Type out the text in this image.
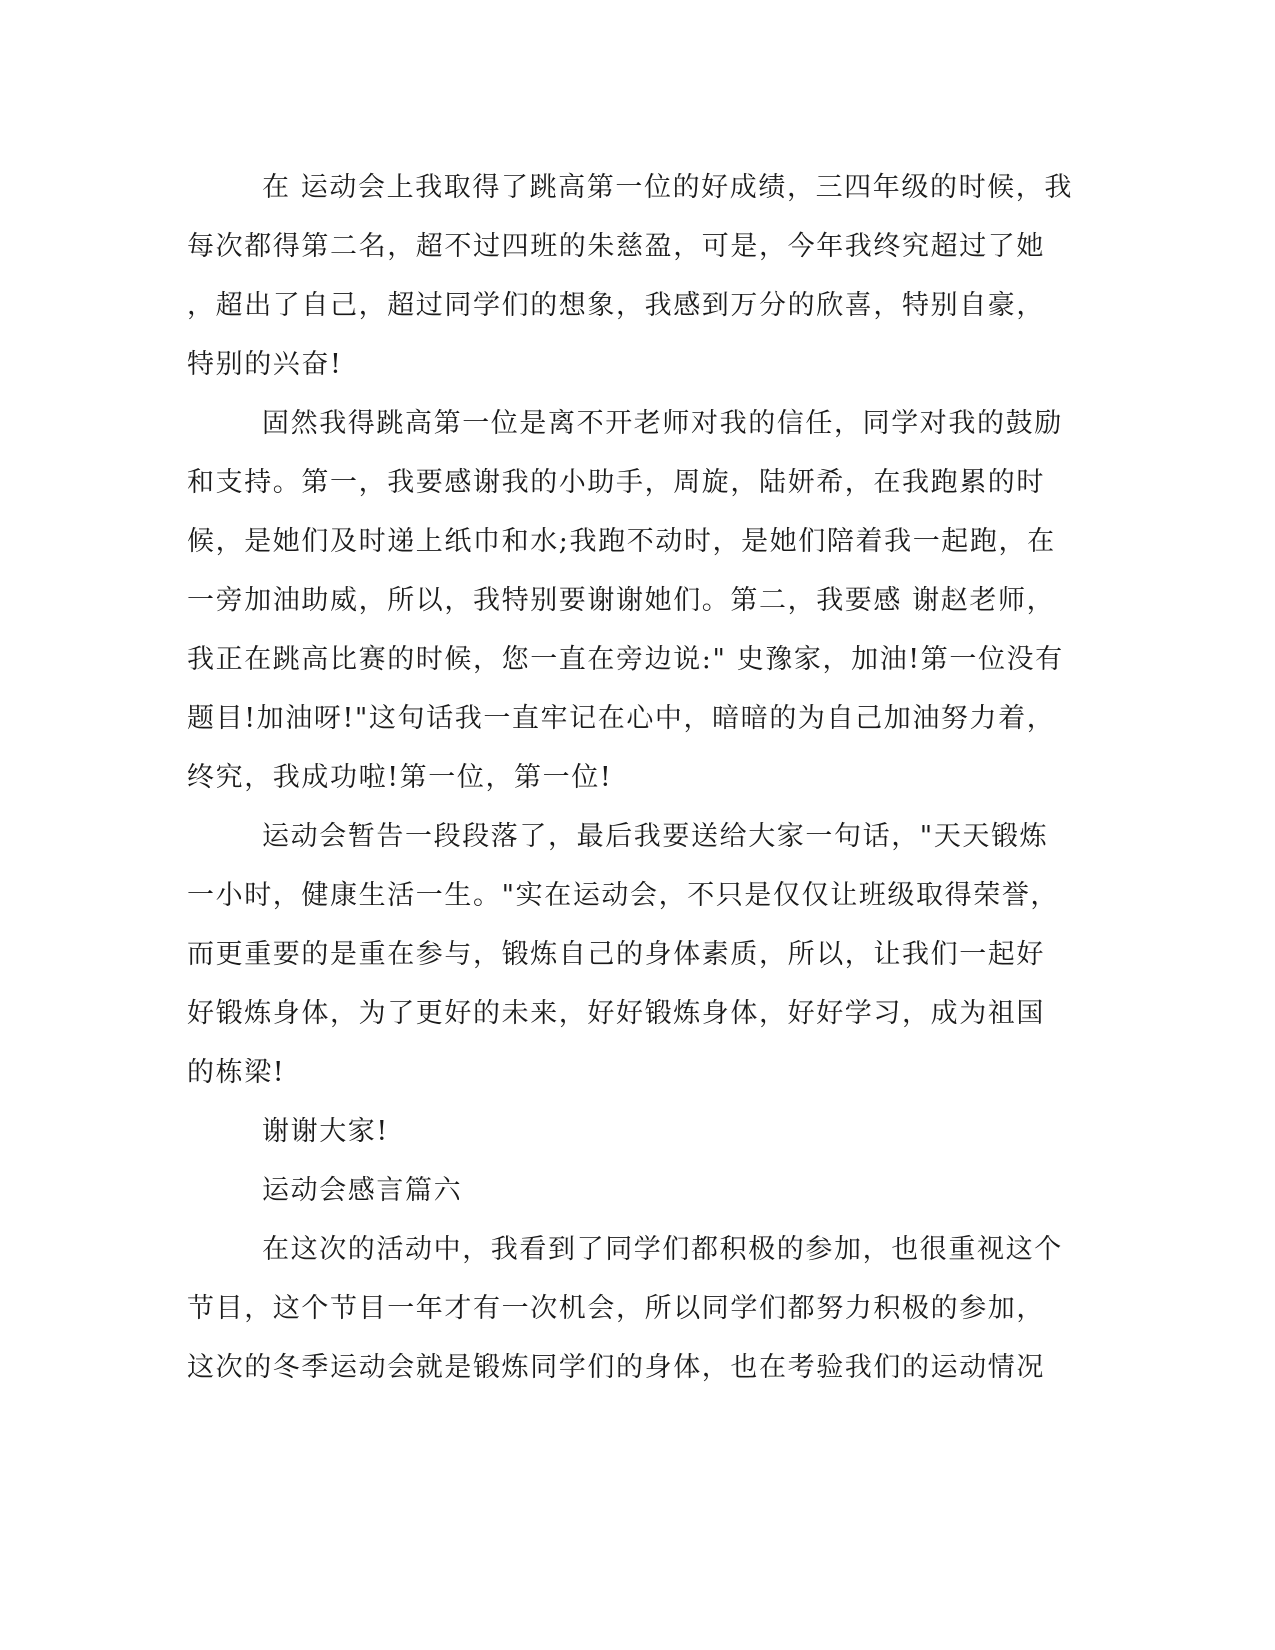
在 运动会上我取得了跳高第一位的好成绩，三四年级的时候，我
每次都得第二名，超不过四班的朱慈盈，可是，今年我终究超过了她
，超出了自己，超过同学们的想象，我感到万分的欣喜，特别自豪，
特别的兴奋!
固然我得跳高第一位是离不开老师对我的信任，同学对我的鼓励
和支持。第一，我要感谢我的小助手，周旋，陆妍希，在我跑累的时
候，是她们及时递上纸巾和水;我跑不动时，是她们陪着我一起跑，在
一旁加油助威，所以，我特别要谢谢她们。第二，我要感 谢赵老师，
我正在跳高比赛的时候，您一直在旁边说:" 史豫家，加油!第一位没有
题目!加油呀!"这句话我一直牢记在心中，暗暗的为自己加油努力着，
终究，我成功啦!第一位，第一位!
运动会暂告一段段落了，最后我要送给大家一句话，"天天锻炼
一小时，健康生活一生。"实在运动会，不只是仅仅让班级取得荣誉，
而更重要的是重在参与，锻炼自己的身体素质，所以，让我们一起好
好锻炼身体，为了更好的未来，好好锻炼身体，好好学习，成为祖国
的栋梁!
谢谢大家!
运动会感言篇六
在这次的活动中，我看到了同学们都积极的参加，也很重视这个
节目，这个节目一年才有一次机会，所以同学们都努力积极的参加，
这次的冬季运动会就是锻炼同学们的身体，也在考验我们的运动情况
